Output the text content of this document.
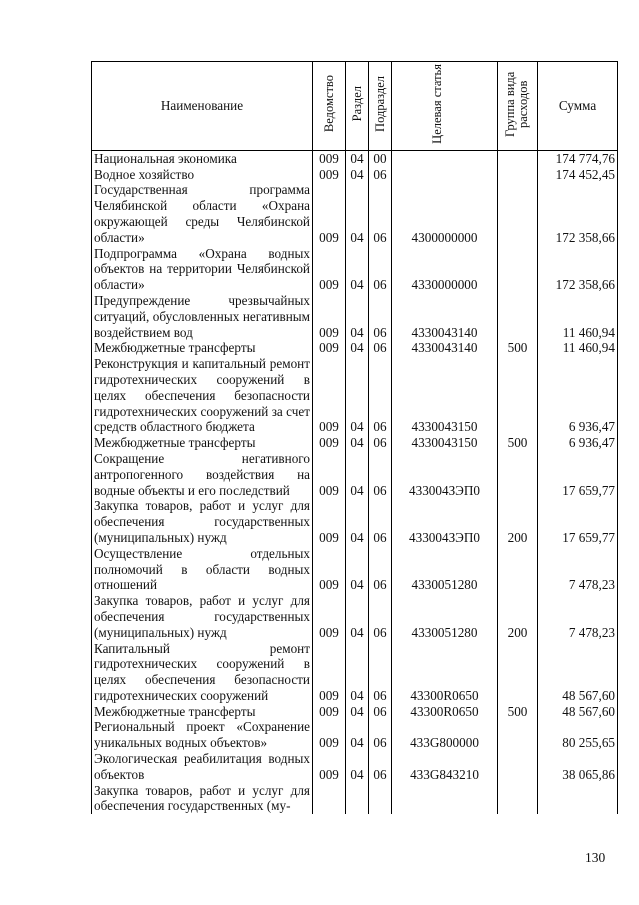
Наименование	Ведомство	Раздел	Подраздел	Целевая статья	Группа вида расходов	Сумма
Национальная экономика	009	04	00			174 774,76
Водное хозяйство	009	04	06			174 452,45
Государственная программа Челябинской области «Охрана окружающей среды Челябинской области»	009	04	06	4300000000		172 358,66
Подпрограмма «Охрана водных объектов на территории Челябинской области»	009	04	06	4330000000		172 358,66
Предупреждение чрезвычайных ситуаций, обусловленных негативным воздействием вод	009	04	06	4330043140		11 460,94
Межбюджетные трансферты	009	04	06	4330043140	500	11 460,94
Реконструкция и капитальный ремонт гидротехнических сооружений в целях обеспечения безопасности гидротехнических сооружений за счет средств областного бюджета	009	04	06	4330043150		6 936,47
Межбюджетные трансферты	009	04	06	4330043150	500	6 936,47
Сокращение негативного антропогенного воздействия на водные объекты и его последствий	009	04	06	433004ЗЭП0		17 659,77
Закупка товаров, работ и услуг для обеспечения государственных (муниципальных) нужд	009	04	06	433004ЗЭП0	200	17 659,77
Осуществление отдельных полномочий в области водных отношений	009	04	06	4330051280		7 478,23
Закупка товаров, работ и услуг для обеспечения государственных (муниципальных) нужд	009	04	06	4330051280	200	7 478,23
Капитальный ремонт гидротехнических сооружений в целях обеспечения безопасности гидротехнических сооружений	009	04	06	43300R0650		48 567,60
Межбюджетные трансферты	009	04	06	43300R0650	500	48 567,60
Региональный проект «Сохранение уникальных водных объектов»	009	04	06	433G800000		80 255,65
Экологическая реабилитация водных объектов	009	04	06	433G843210		38 065,86
Закупка товаров, работ и услуг для обеспечения государственных (му-						
130
